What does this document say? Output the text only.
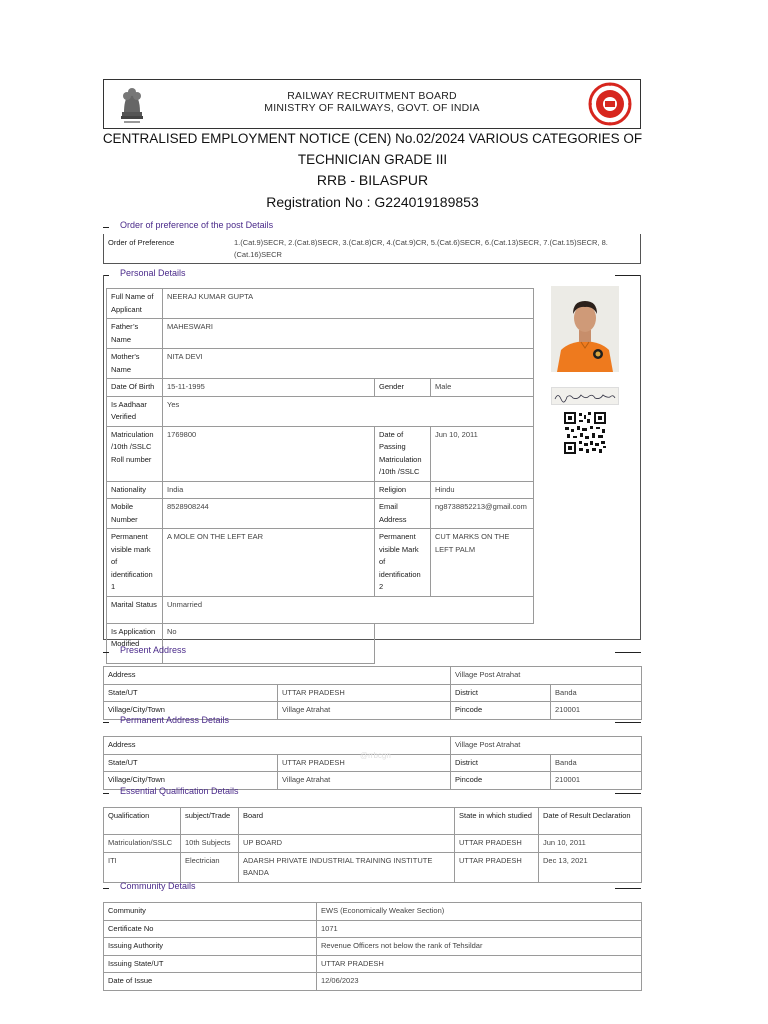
RAILWAY RECRUITMENT BOARD
MINISTRY OF RAILWAYS, GOVT. OF INDIA
CENTRALISED EMPLOYMENT NOTICE (CEN) No.02/2024 VARIOUS CATEGORIES OF
TECHNICIAN GRADE III
RRB - BILASPUR
Registration No : G224019189853
Order of preference of the post Details
Order of Preference	1.(Cat.9)SECR, 2.(Cat.8)SECR, 3.(Cat.8)CR, 4.(Cat.9)CR, 5.(Cat.6)SECR, 6.(Cat.13)SECR, 7.(Cat.15)SECR, 8.(Cat.16)SECR
Personal Details
Full Name of Applicant	NEERAJ KUMAR GUPTA		
Father’s Name	MAHESWARI		
Mother's Name	NITA DEVI		
Date Of Birth	15-11-1995	Gender	Male
Is Aadhaar Verified	Yes		
Matriculation /10th /SSLC Roll number	1769800	Date of Passing Matriculation /10th /SSLC	Jun 10, 2011
Nationality	India	Religion	Hindu
Mobile Number	8528908244	Email Address	ng8738852213@gmail.com
Permanent visible mark of identification 1	A MOLE ON THE LEFT EAR	Permanent visible Mark of identification 2	CUT MARKS ON THE LEFT PALM
Marital Status	Unmarried		
Is Application Modified	No		
Present Address
Address		Village Post Atrahat	
State/UT	UTTAR PRADESH	District	Banda
Village/City/Town	Village Atrahat	Pincode	210001
Permanent Address Details
Address		Village Post Atrahat	
State/UT	UTTAR PRADESH	District	Banda
Village/City/Town	Village Atrahat	Pincode	210001
@rrbcgn
Essential Qualification Details
Qualification	subject/Trade	Board	State in which studied	Date of Result Declaration
Matriculation/SSLC	10th Subjects	UP BOARD	UTTAR PRADESH	Jun 10, 2011
ITI	Electrician	ADARSH PRIVATE INDUSTRIAL TRAINING INSTITUTE BANDA	UTTAR PRADESH	Dec 13, 2021
Community Details
Community	EWS (Economically Weaker Section)
Certificate No	1071
Issuing Authority	Revenue Officers not below the rank of Tehsildar
Issuing State/UT	UTTAR PRADESH
Date of Issue	12/06/2023
